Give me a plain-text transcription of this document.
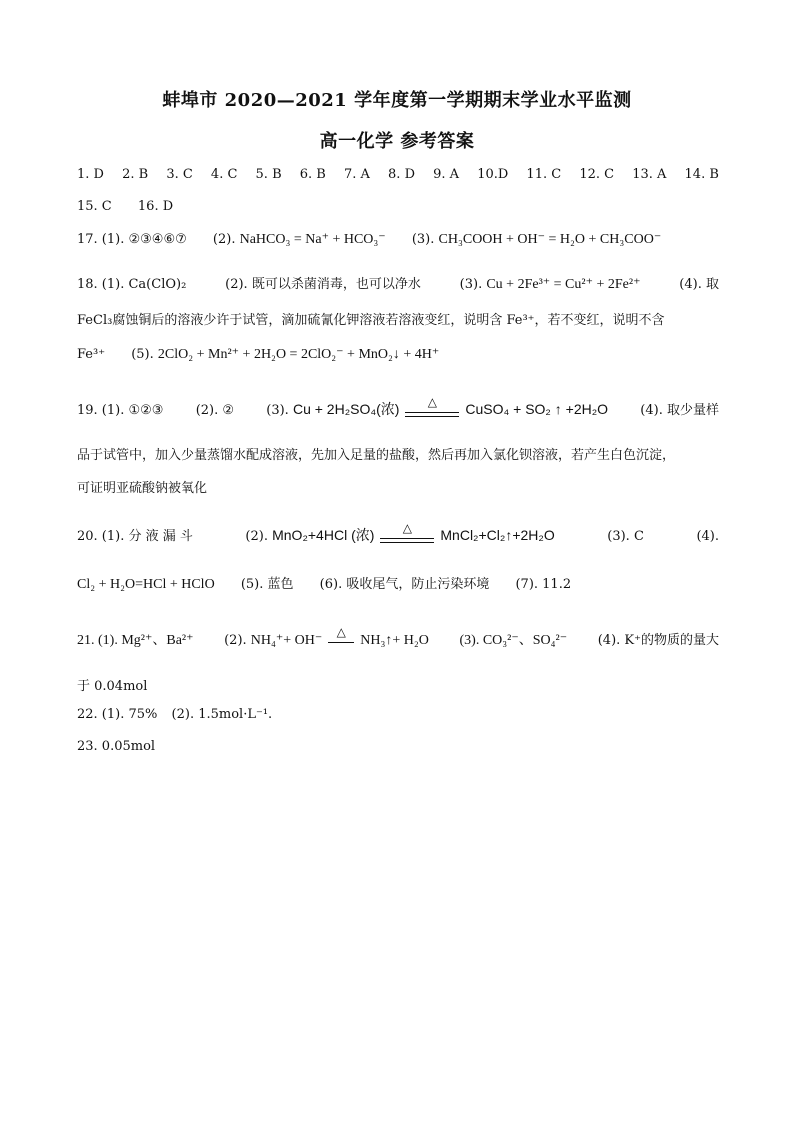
蚌埠市 2020—2021 学年度第一学期期末学业水平监测
高一化学 参考答案
1. D 2. B 3. C 4. C 5. B 6. B 7. A 8. D 9. A 10.D 11. C 12. C 13. A 14. B
15. C 16. D
17. (1). ②③④⑥⑦ (2). NaHCO₃ = Na⁺ + HCO₃⁻ (3). CH₃COOH + OH⁻ = H₂O + CH₃COO⁻
18. (1). Ca(ClO)₂	(2). 既可以杀菌消毒，也可以净水	(3). Cu + 2Fe³⁺ = Cu²⁺ + 2Fe²⁺	(4). 取
FeCl₃腐蚀铜后的溶液少许于试管，滴加硫氰化钾溶液若溶液变红，说明含 Fe³⁺，若不变红，说明不含
Fe³⁺ (5). 2ClO₂ + Mn²⁺ + 2H₂O = 2ClO₂⁻ + MnO₂↓ + 4H⁺
19. (1). ①②③ (2). ② (3). Cu + 2H₂SO₄(浓)	△	CuSO₄ + SO₂ ↑ +2H₂O (4). 取少量样
品于试管中，加入少量蒸馏水配成溶液，先加入足量的盐酸，然后再加入氯化钡溶液，若产生白色沉淀，
可证明亚硫酸钠被氧化
20. (1). 分 液 漏 斗	(2). MnO₂+4HCl (浓)	△	MnCl₂+Cl₂↑+2H₂O	(3). C	(4).
Cl₂ + H₂O=HCl + HClO (5). 蓝色 (6). 吸收尾气，防止污染环境 (7). 11.2
21. (1). Mg²⁺、Ba²⁺ (2). NH₄⁺+ OH⁻
△
NH₃↑+ H₂O (3). CO₃²⁻、SO₄²⁻ (4). K⁺的物质的量大
于 0.04mol
22. (1). 75% (2). 1.5mol·L⁻¹.
23. 0.05mol
